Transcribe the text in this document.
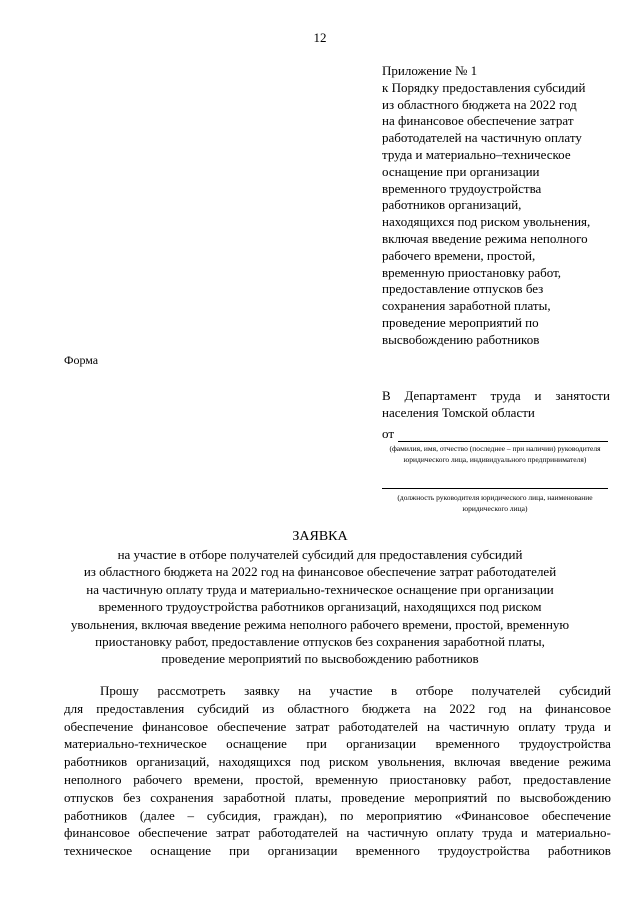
12
Приложение № 1
к Порядку предоставления субсидий
из областного бюджета на 2022 год
на финансовое обеспечение затрат
работодателей на частичную оплату
труда и материально–техническое
оснащение при организации
временного трудоустройства
работников организаций,
находящихся под риском увольнения,
включая введение режима неполного
рабочего времени, простой,
временную приостановку работ,
предоставление отпусков без
сохранения заработной платы,
проведение мероприятий по
высвобождению работников
Форма
В Департамент труда и занятости
населения Томской области
от
(фамилия, имя, отчество (последнее – при наличии) руководителя юридического лица, индивидуального предпринимателя)
(должность руководителя юридического лица, наименование юридического лица)
ЗАЯВКА
на участие в отборе получателей субсидий для предоставления субсидий
из областного бюджета на 2022 год на финансовое обеспечение затрат работодателей
на частичную оплату труда и материально-техническое оснащение при организации
временного трудоустройства работников организаций, находящихся под риском
увольнения, включая введение режима неполного рабочего времени, простой, временную
приостановку работ, предоставление отпусков без сохранения заработной платы,
проведение мероприятий по высвобождению работников
Прошу рассмотреть заявку на участие в отборе получателей субсидий
для предоставления субсидий из областного бюджета на 2022 год на финансовое
обеспечение финансовое обеспечение затрат работодателей на частичную оплату труда и
материально-техническое оснащение при организации временного трудоустройства
работников организаций, находящихся под риском увольнения, включая введение режима
неполного рабочего времени, простой, временную приостановку работ, предоставление
отпусков без сохранения заработной платы, проведение мероприятий по высвобождению
работников (далее – субсидия, граждан), по мероприятию «Финансовое обеспечение
финансовое обеспечение затрат работодателей на частичную оплату труда и материально-
техническое оснащение при организации временного трудоустройства работников
